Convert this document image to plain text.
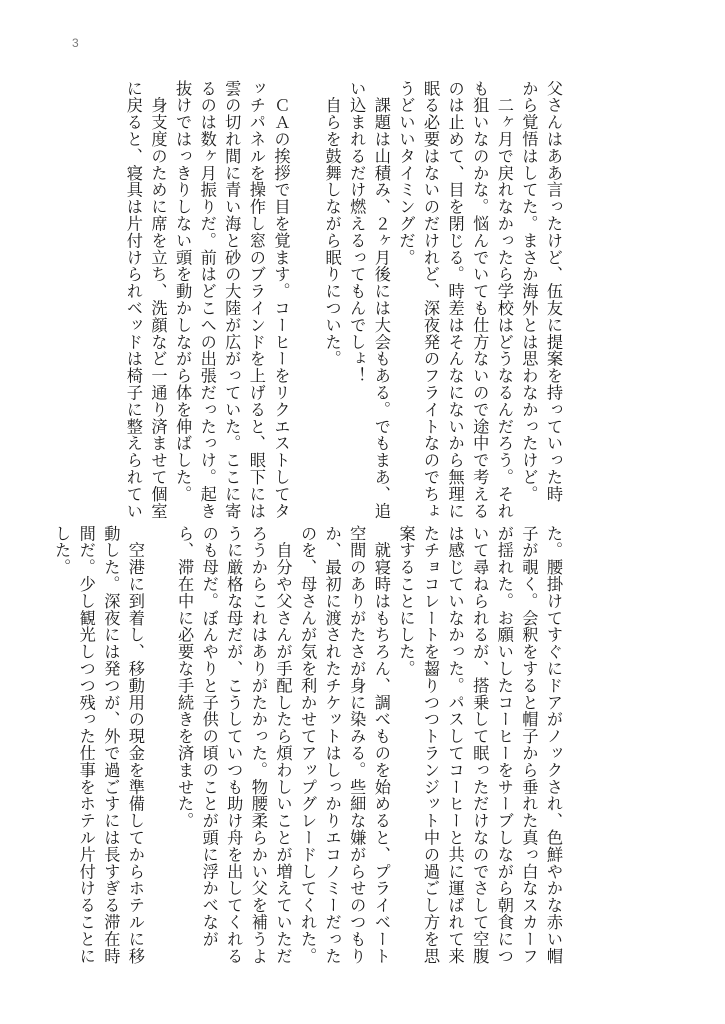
3
父さんはああ言ったけど、伍友に提案を持っていった時
から覚悟はしてた。まさか海外とは思わなかったけど。
　二ヶ月で戻れなかったら学校はどうなるんだろう。それ
も狙いなのかな。悩んでいても仕方ないので途中で考える
のは止めて、目を閉じる。時差はそんなにないから無理に
眠る必要はないのだけれど、深夜発のフライトなのでちょ
うどいいタイミングだ。
　課題は山積み、２ヶ月後には大会もある。でもまあ、追
い込まれるだけ燃えるってもんでしょ！
　自らを鼓舞しながら眠りについた。
　ＣＡの挨拶で目を覚ます。コーヒーをリクエストしてタ
ッチパネルを操作し窓のブラインドを上げると、眼下には
雲の切れ間に青い海と砂の大陸が広がっていた。ここに寄
るのは数ヶ月振りだ。前はどこへの出張だったっけ。起き
抜けではっきりしない頭を動かしながら体を伸ばした。
　身支度のために席を立ち、洗顔など一通り済ませて個室
に戻ると、寝具は片付けられベッドは椅子に整えられてい
た。腰掛けてすぐにドアがノックされ、色鮮やかな赤い帽
子が覗く。会釈をすると帽子から垂れた真っ白なスカーフ
が揺れた。お願いしたコーヒーをサーブしながら朝食につ
いて尋ねられるが、搭乗して眠っただけなのでさして空腹
は感じていなかった。パスしてコーヒーと共に運ばれて来
たチョコレートを齧りつつトランジット中の過ごし方を思
案することにした。
　就寝時はもちろん、調べものを始めると、プライベート
空間のありがたさが身に染みる。些細な嫌がらせのつもり
か、最初に渡されたチケットはしっかりエコノミーだった
のを、母さんが気を利かせてアップグレードしてくれた。
　自分や父さんが手配したら煩わしいことが増えていただ
ろうからこれはありがたかった。物腰柔らかい父を補うよ
うに厳格な母だが、こうしていつも助け舟を出してくれる
のも母だ。ぼんやりと子供の頃のことが頭に浮かべなが
ら、滞在中に必要な手続きを済ませた。
　空港に到着し、移動用の現金を準備してからホテルに移
動した。深夜には発つが、外で過ごすには長すぎる滞在時
間だ。少し観光しつつ残った仕事をホテル片付けることに
した。
